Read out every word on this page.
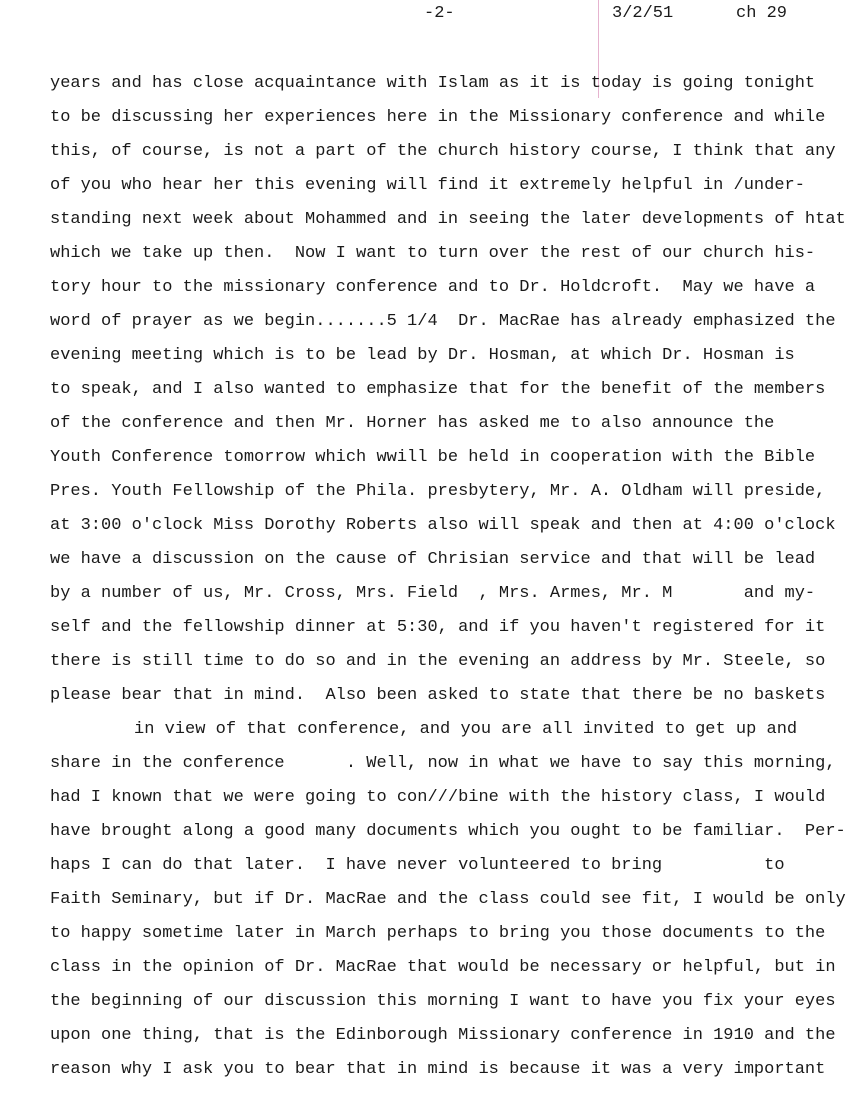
-2-	3/2/51	ch 29
years and has close acquaintance with Islam as it is today is going tonight
to be discussing her experiences here in the Missionary conference and while
this, of course, is not a part of the church history course, I think that any
of you who hear her this evening will find it extremely helpful in /under-
standing next week about Mohammed and in seeing the later developments of htat
which we take up then.  Now I want to turn over the rest of our church his-
tory hour to the missionary conference and to Dr. Holdcroft.  May we have a
word of prayer as we begin.......5 1/4  Dr. MacRae has already emphasized the
evening meeting which is to be lead by Dr. Hosman, at which Dr. Hosman is
to speak, and I also wanted to emphasize that for the benefit of the members
of the conference and then Mr. Horner has asked me to also announce the
Youth Conference tomorrow which wwill be held in cooperation with the Bible
Pres. Youth Fellowship of the Phila. presbytery, Mr. A. Oldham will preside,
at 3:00 o'clock Miss Dorothy Roberts also will speak and then at 4:00 o'clock
we have a discussion on the cause of Chrisian service and that will be lead
by a number of us, Mr. Cross, Mrs. Field  , Mrs. Armes, Mr. M       and my-
self and the fellowship dinner at 5:30, and if you haven't registered for it
there is still time to do so and in the evening an address by Mr. Steele, so
please bear that in mind.  Also been asked to state that there be no baskets
in view of that conference, and you are all invited to get up and
share in the conference      . Well, now in what we have to say this morning,
had I known that we were going to con///bine with the history class, I would
have brought along a good many documents which you ought to be familiar.  Per-
haps I can do that later.  I have never volunteered to bring          to
Faith Seminary, but if Dr. MacRae and the class could see fit, I would be only
to happy sometime later in March perhaps to bring you those documents to the
class in the opinion of Dr. MacRae that would be necessary or helpful, but in
the beginning of our discussion this morning I want to have you fix your eyes
upon one thing, that is the Edinborough Missionary conference in 1910 and the
reason why I ask you to bear that in mind is because it was a very important
